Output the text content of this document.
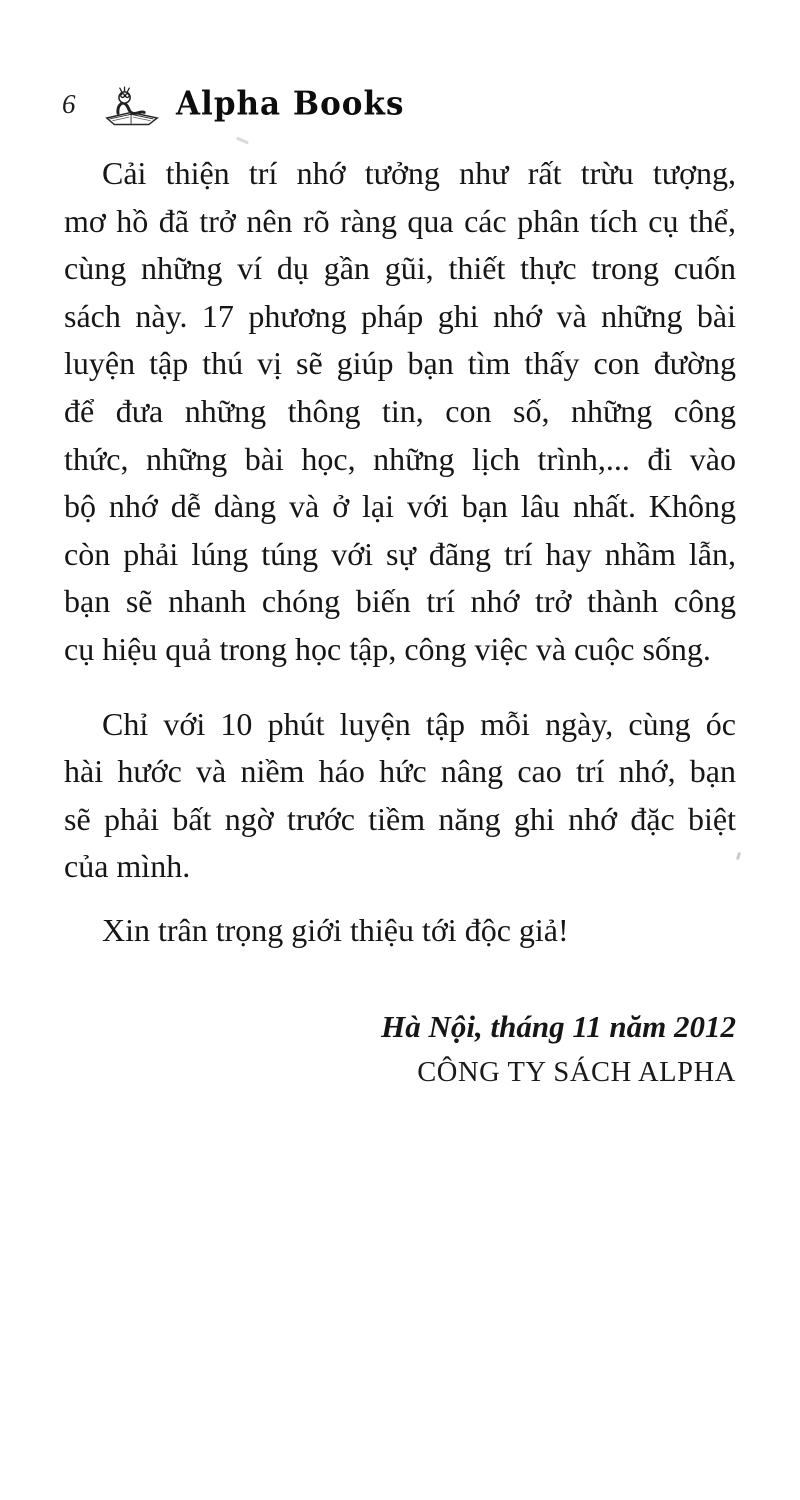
6	Alpha Books
Cải thiện trí nhớ tưởng như rất trừu tượng,
mơ hồ đã trở nên rõ ràng qua các phân tích cụ thể,
cùng những ví dụ gần gũi, thiết thực trong cuốn
sách này. 17 phương pháp ghi nhớ và những bài
luyện tập thú vị sẽ giúp bạn tìm thấy con đường
để đưa những thông tin, con số, những công
thức, những bài học, những lịch trình,... đi vào
bộ nhớ dễ dàng và ở lại với bạn lâu nhất. Không
còn phải lúng túng với sự đãng trí hay nhầm lẫn,
bạn sẽ nhanh chóng biến trí nhớ trở thành công
cụ hiệu quả trong học tập, công việc và cuộc sống.
Chỉ với 10 phút luyện tập mỗi ngày, cùng óc
hài hước và niềm háo hức nâng cao trí nhớ, bạn
sẽ phải bất ngờ trước tiềm năng ghi nhớ đặc biệt
của mình.
Xin trân trọng giới thiệu tới độc giả!
Hà Nội, tháng 11 năm 2012
CÔNG TY SÁCH ALPHA
